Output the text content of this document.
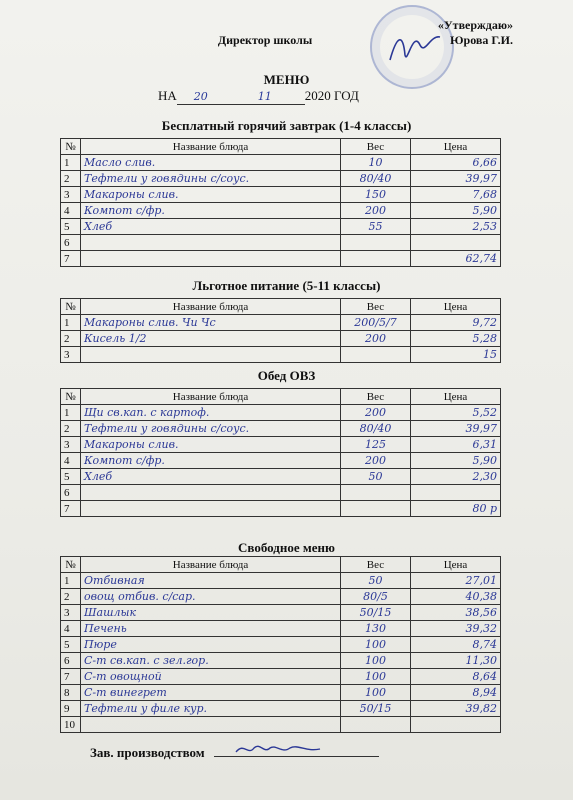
«Утверждаю»
Юрова Г.И.
Директор школы
МЕНЮ
НА 20	11	2020 ГОД
Бесплатный горячий завтрак (1-4 классы)
№	Название блюда	Вес	Цена
1	Масло слив.	10	6,66
2	Тефтели у говядины с/соус.	80/40	39,97
3	Макароны слив.	150	7,68
4	Компот с/фр.	200	5,90
5	Хлеб	55	2,53
6			
7			62,74
Льготное питание (5-11 классы)
№	Название блюда	Вес	Цена
1	Макароны слив. Чи Чс	200/5/7	9,72
2	Кисель 1/2	200	5,28
3			15
Обед ОВЗ
№	Название блюда	Вес	Цена
1	Щи св.кап. с картоф.	200	5,52
2	Тефтели у говядины с/соус.	80/40	39,97
3	Макароны слив.	125	6,31
4	Компот с/фр.	200	5,90
5	Хлеб	50	2,30
6			
7			80 р
Свободное меню
№	Название блюда	Вес	Цена
1	Отбивная	50	27,01
2	овощ отбив. с/сар.	80/5	40,38
3	Шашлык	50/15	38,56
4	Печень	130	39,32
5	Пюре	100	8,74
6	С-т св.кап. с зел.гор.	100	11,30
7	С-т овощной	100	8,64
8	С-т винегрет	100	8,94
9	Тефтели у филе кур.	50/15	39,82
10			
Зав. производством
